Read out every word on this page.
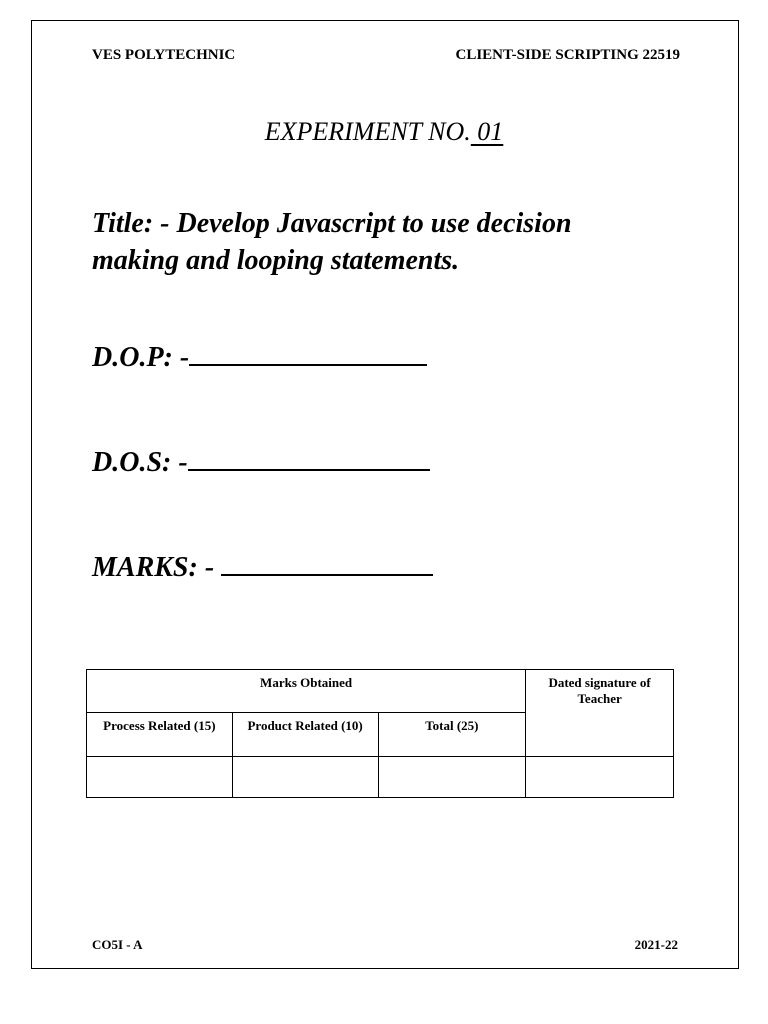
VES POLYTECHNIC	CLIENT-SIDE SCRIPTING 22519
EXPERIMENT NO. 01
Title: - Develop Javascript to use decision
making and looping statements.
D.O.P: -
D.O.S: -
MARKS: -
Marks Obtained			Dated signature of Teacher
Process Related (15)	Product Related (10)	Total (25)	

CO5I - A	2021-22
